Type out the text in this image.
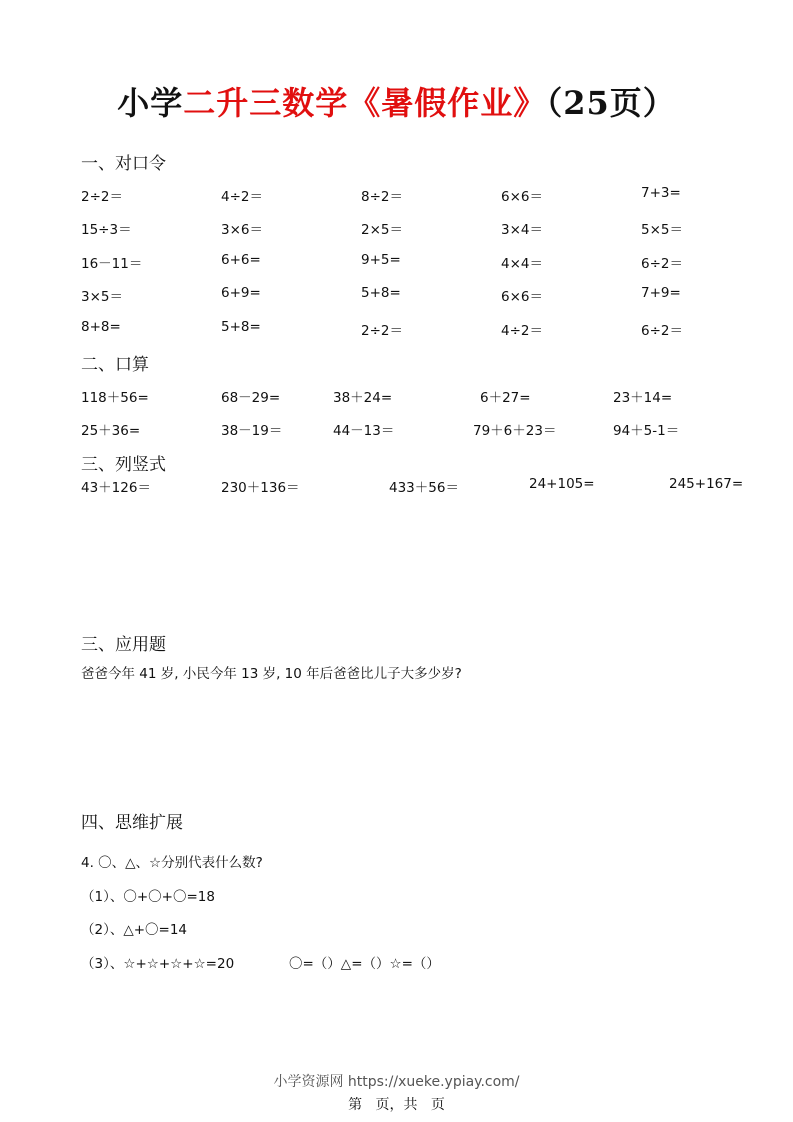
小学二升三数学《暑假作业》（25页）
一、对口令
2÷2＝	4÷2＝	8÷2＝	6×6＝	7+3=
15÷3＝	3×6＝	2×5＝	3×4＝	5×5＝
16－11＝	6+6=	9+5=	4×4＝	6÷2＝
3×5＝	6+9=	5+8=	6×6＝	7+9=
8+8=	5+8=	2÷2＝	4÷2＝	6÷2＝
二、口算
118＋56=	68－29=	38＋24=	6＋27=	23＋14=
25＋36=	38－19＝	44－13＝	79＋6＋23＝	94＋5-1＝
三、列竖式
43＋126＝	230＋136＝	433＋56＝	24+105=	245+167=
三、应用题
爸爸今年 41 岁, 小民今年 13 岁, 10 年后爸爸比儿子大多少岁?
四、思维扩展
4. 〇、△、☆分别代表什么数?
（1）、〇+〇+〇=18
（2）、△+〇=14
（3）、☆+☆+☆+☆=20	〇=（）△=（）☆=（）
小学资源网 https://xueke.ypiay.com/
第   页，共   页
